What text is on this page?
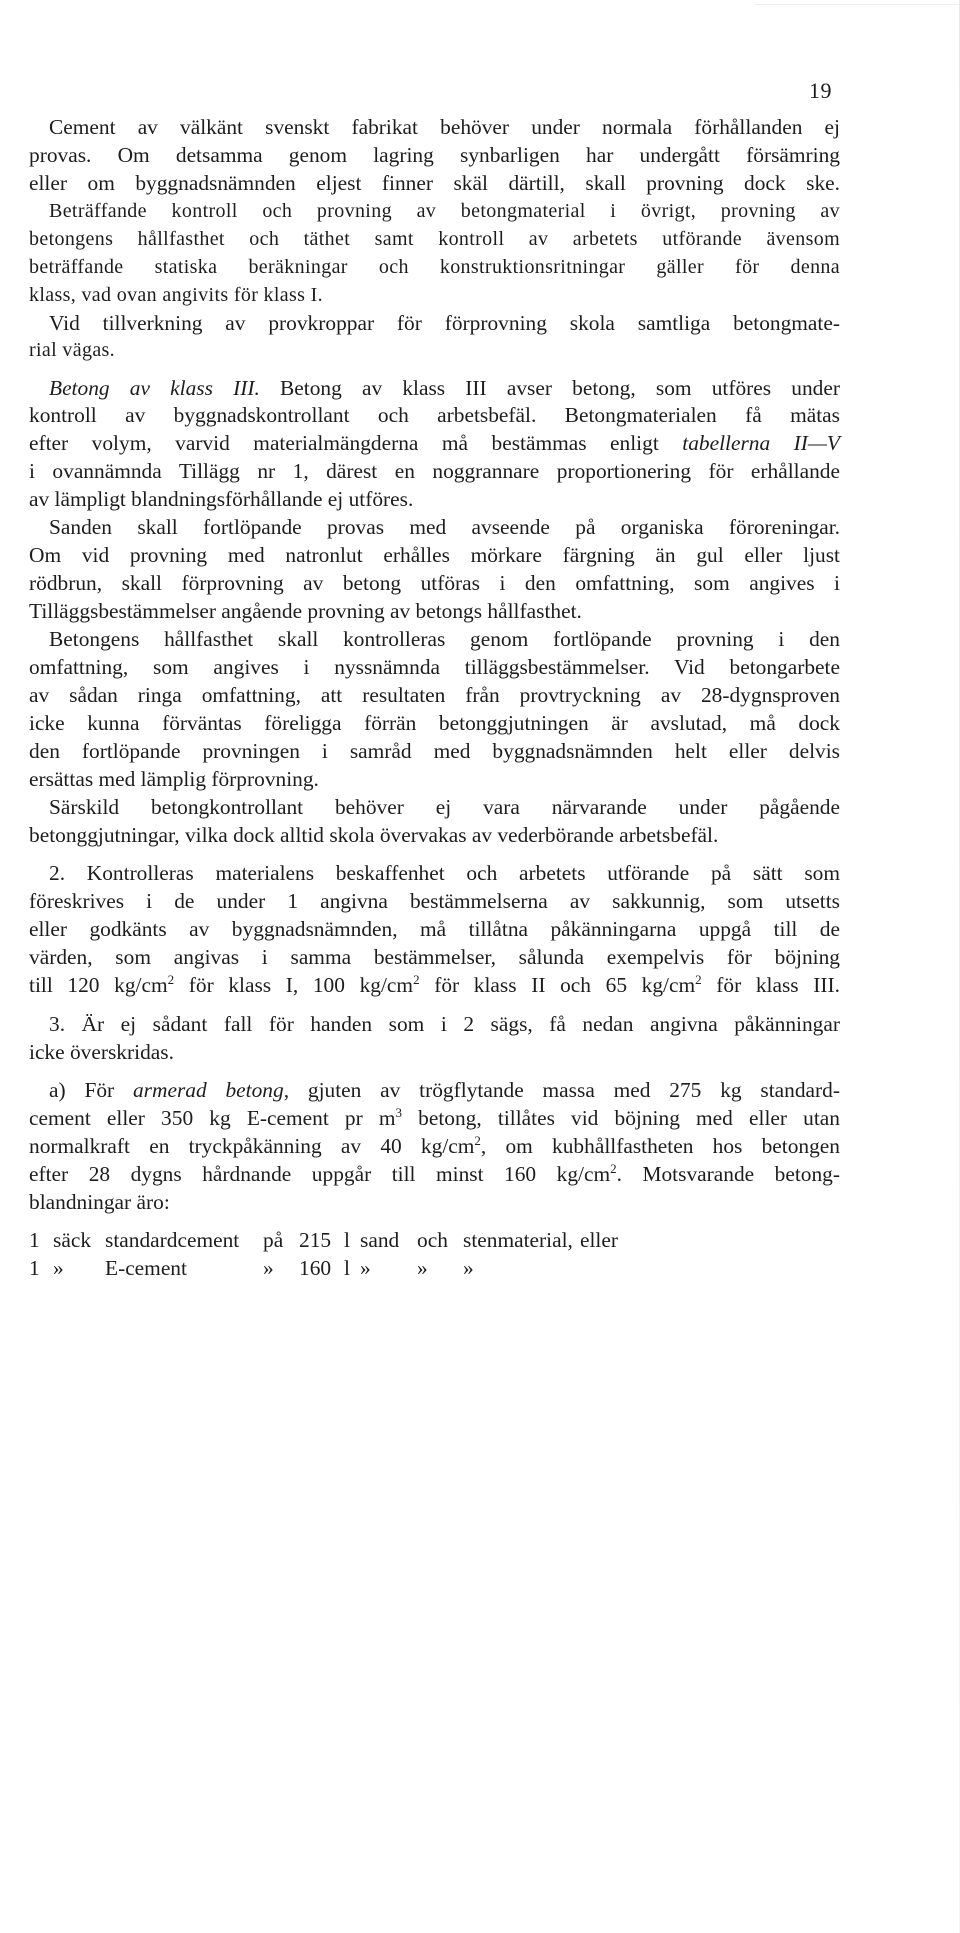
19

Cement av välkänt svenskt fabrikat behöver under normala förhållanden ej

provas. Om detsamma genom lagring synbarligen har undergått försämring

eller om byggnadsnämnden eljest finner skäl därtill, skall provning dock ske.

Beträffande kontroll och provning av betongmaterial i övrigt, provning av

betongens hållfasthet och täthet samt kontroll av arbetets utförande ävensom

beträffande statiska beräkningar och konstruktionsritningar gäller för denna

klass, vad ovan angivits för klass I.

Vid tillverkning av provkroppar för förprovning skola samtliga betongmate-

rial vägas.

Betong av klass III. Betong av klass III avser betong, som utföres under

kontroll av byggnadskontrollant och arbetsbefäl. Betongmaterialen få mätas

efter volym, varvid materialmängderna må bestämmas enligt tabellerna II—V

i ovannämnda Tillägg nr 1, därest en noggrannare proportionering för erhållande

av lämpligt blandningsförhållande ej utföres.

Sanden skall fortlöpande provas med avseende på organiska föroreningar.

Om vid provning med natronlut erhålles mörkare färgning än gul eller ljust

rödbrun, skall förprovning av betong utföras i den omfattning, som angives i

Tilläggsbestämmelser angående provning av betongs hållfasthet.

Betongens hållfasthet skall kontrolleras genom fortlöpande provning i den

omfattning, som angives i nyssnämnda tilläggsbestämmelser. Vid betongarbete

av sådan ringa omfattning, att resultaten från provtryckning av 28-dygnsproven

icke kunna förväntas föreligga förrän betonggjutningen är avslutad, må dock

den fortlöpande provningen i samråd med byggnadsnämnden helt eller delvis

ersättas med lämplig förprovning.

Särskild betongkontrollant behöver ej vara närvarande under pågående

betonggjutningar, vilka dock alltid skola övervakas av vederbörande arbetsbefäl.

2. Kontrolleras materialens beskaffenhet och arbetets utförande på sätt som

föreskrives i de under 1 angivna bestämmelserna av sakkunnig, som utsetts

eller godkänts av byggnadsnämnden, må tillåtna påkänningarna uppgå till de

värden, som angivas i samma bestämmelser, sålunda exempelvis för böjning

till 120 $kg/cm^2$ för klass I, 100 $kg/cm^2$ för klass II och 65 $kg/cm^2$ för klass III.

3. Är ej sådant fall för handen som i 2 sägs, få nedan angivna påkänningar

icke överskridas.

a) För armerad betong, gjuten av trögflytande massa med 275 kg standard-

cement eller 350 kg E-cement pr $m^3$ betong, tillåtes vid böjning med eller utan

normalkraft en tryckpåkänning av 40 $kg/cm^2$, om kubhållfastheten hos betongen

efter 28 dygns hårdnande uppgår till minst 160 $kg/cm^2$. Motsvarande betong-

blandningar äro:

1 säck standardcement på 215 l sand och stenmaterial, eller
1 » E-cement	» 160 l » » »
